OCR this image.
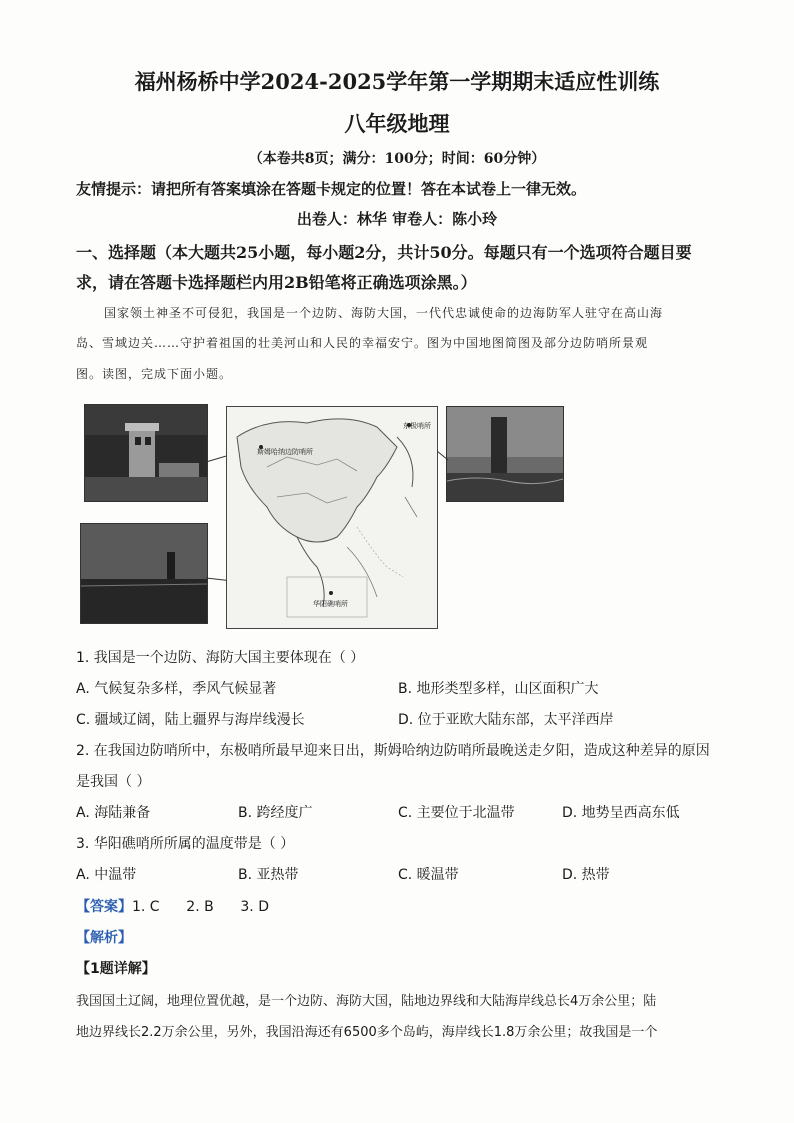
福州杨桥中学2024-2025学年第一学期期末适应性训练
八年级地理
（本卷共8页；满分：100分；时间：60分钟）
友情提示：请把所有答案填涂在答题卡规定的位置！答在本试卷上一律无效。
出卷人：林华 审卷人：陈小玲
一、选择题（本大题共25小题，每小题2分，共计50分。每题只有一个选项符合题目要
求，请在答题卡选择题栏内用2B铅笔将正确选项涂黑。）
国家领土神圣不可侵犯，我国是一个边防、海防大国，一代代忠诚使命的边海防军人驻守在高山海
岛、雪域边关……守护着祖国的壮美河山和人民的幸福安宁。图为中国地图简图及部分边防哨所景观
图。读图，完成下面小题。
东极哨所
斯姆哈纳边防哨所
华阳礁哨所
1. 我国是一个边防、海防大国主要体现在（ ）
A. 气候复杂多样，季风气候显著	B. 地形类型多样，山区面积广大
C. 疆域辽阔，陆上疆界与海岸线漫长	D. 位于亚欧大陆东部，太平洋西岸
2. 在我国边防哨所中，东极哨所最早迎来日出，斯姆哈纳边防哨所最晚送走夕阳，造成这种差异的原因
是我国（ ）
A. 海陆兼备	B. 跨经度广	C. 主要位于北温带	D. 地势呈西高东低
3. 华阳礁哨所所属的温度带是（ ）
A. 中温带	B. 亚热带	C. 暖温带	D. 热带
【答案】1. C      2. B      3. D
【解析】
【1题详解】
我国国土辽阔，地理位置优越，是一个边防、海防大国，陆地边界线和大陆海岸线总长4万余公里；陆
地边界线长2.2万余公里，另外，我国沿海还有6500多个岛屿，海岸线长1.8万余公里；故我国是一个
